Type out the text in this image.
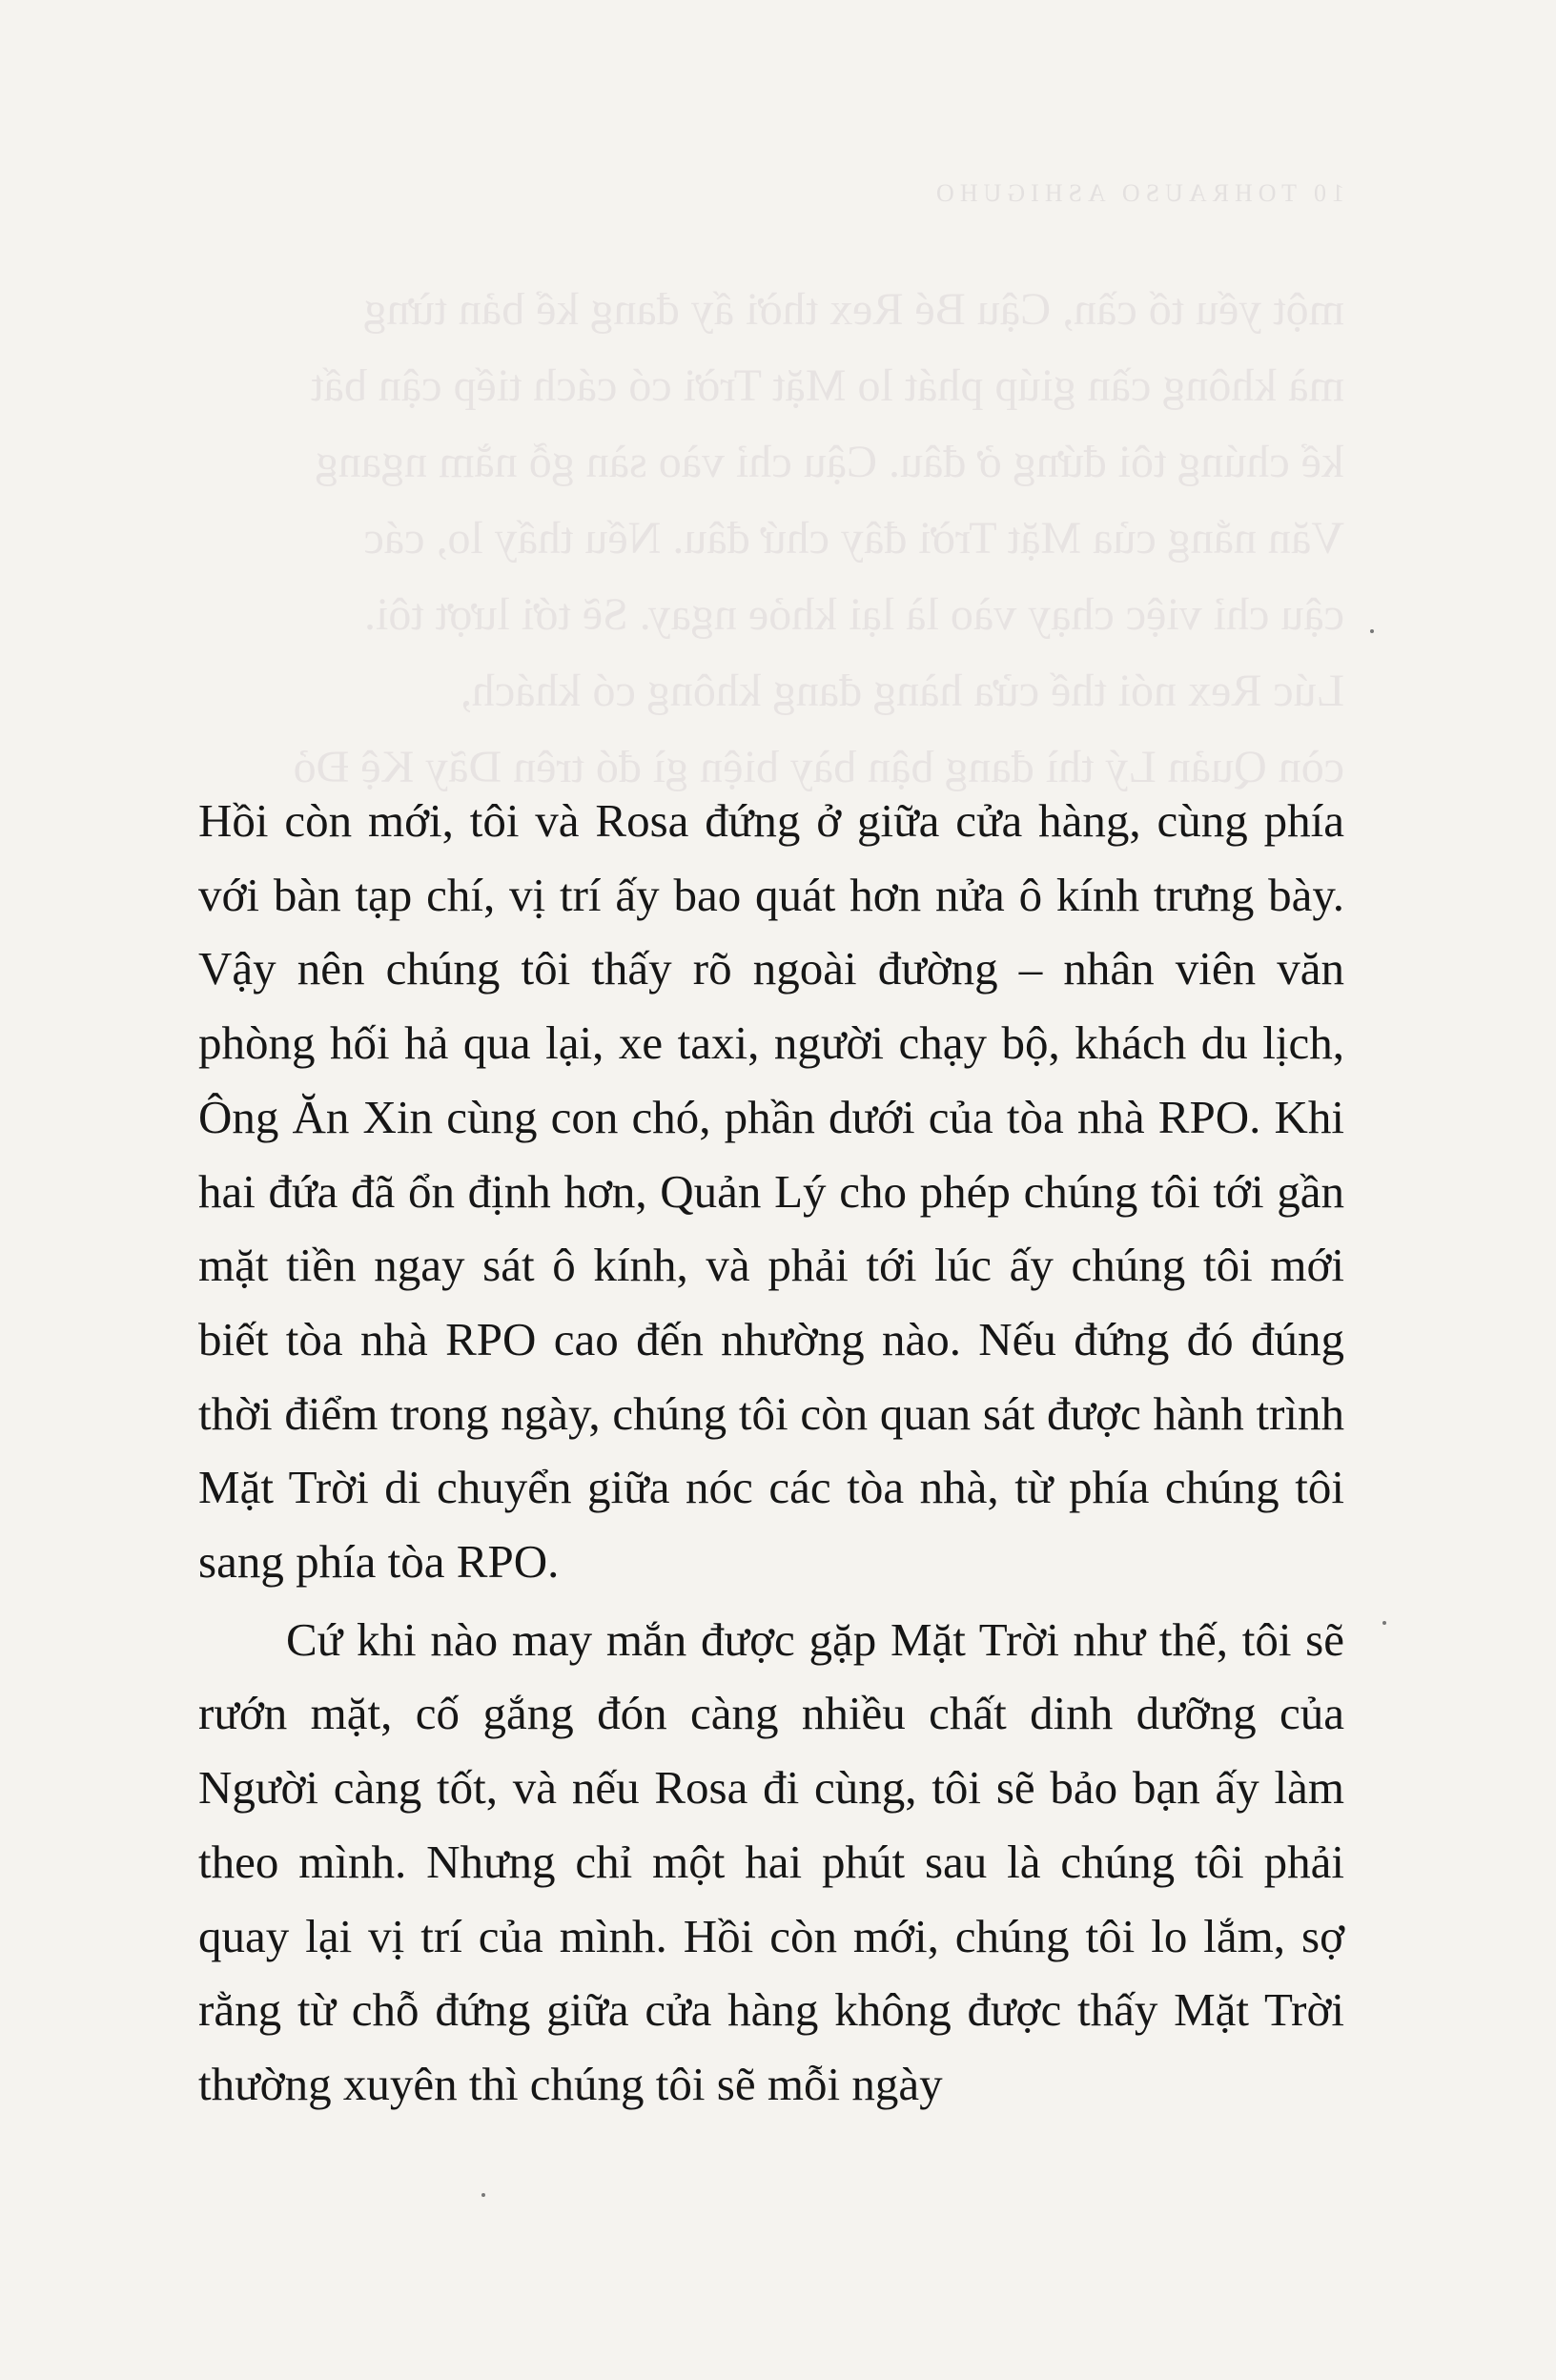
10 TOHRAUSO ASHIGUHO

một yếu tố cần, Cậu Bé Rex thời ấy đang kể bản từng

mà không cần giúp phát lo Mặt Trời có cách tiếp cận bất

kể chúng tôi đứng ở đâu. Cậu chỉ vào sàn gỗ nằm ngang

Văn nắng của Mặt Trời đây chứ đâu. Nếu thấy lo, các

cậu chỉ việc chạy vào là lại khỏe ngay. Sẽ tới lượt tôi.

Lúc Rex nói thế cửa hàng đang không có khách,

còn Quản Lý thì đang bận bày biện gì đó trên Dãy Kệ Đỏ

Hồi còn mới, tôi và Rosa đứng ở giữa cửa hàng, cùng phía với bàn tạp chí, vị trí ấy bao quát hơn nửa ô kính trưng bày. Vậy nên chúng tôi thấy rõ ngoài đường – nhân viên văn phòng hối hả qua lại, xe taxi, người chạy bộ, khách du lịch, Ông Ăn Xin cùng con chó, phần dưới của tòa nhà RPO. Khi hai đứa đã ổn định hơn, Quản Lý cho phép chúng tôi tới gần mặt tiền ngay sát ô kính, và phải tới lúc ấy chúng tôi mới biết tòa nhà RPO cao đến nhường nào. Nếu đứng đó đúng thời điểm trong ngày, chúng tôi còn quan sát được hành trình Mặt Trời di chuyển giữa nóc các tòa nhà, từ phía chúng tôi sang phía tòa RPO.

Cứ khi nào may mắn được gặp Mặt Trời như thế, tôi sẽ rướn mặt, cố gắng đón càng nhiều chất dinh dưỡng của Người càng tốt, và nếu Rosa đi cùng, tôi sẽ bảo bạn ấy làm theo mình. Nhưng chỉ một hai phút sau là chúng tôi phải quay lại vị trí của mình. Hồi còn mới, chúng tôi lo lắm, sợ rằng từ chỗ đứng giữa cửa hàng không được thấy Mặt Trời thường xuyên thì chúng tôi sẽ mỗi ngày
